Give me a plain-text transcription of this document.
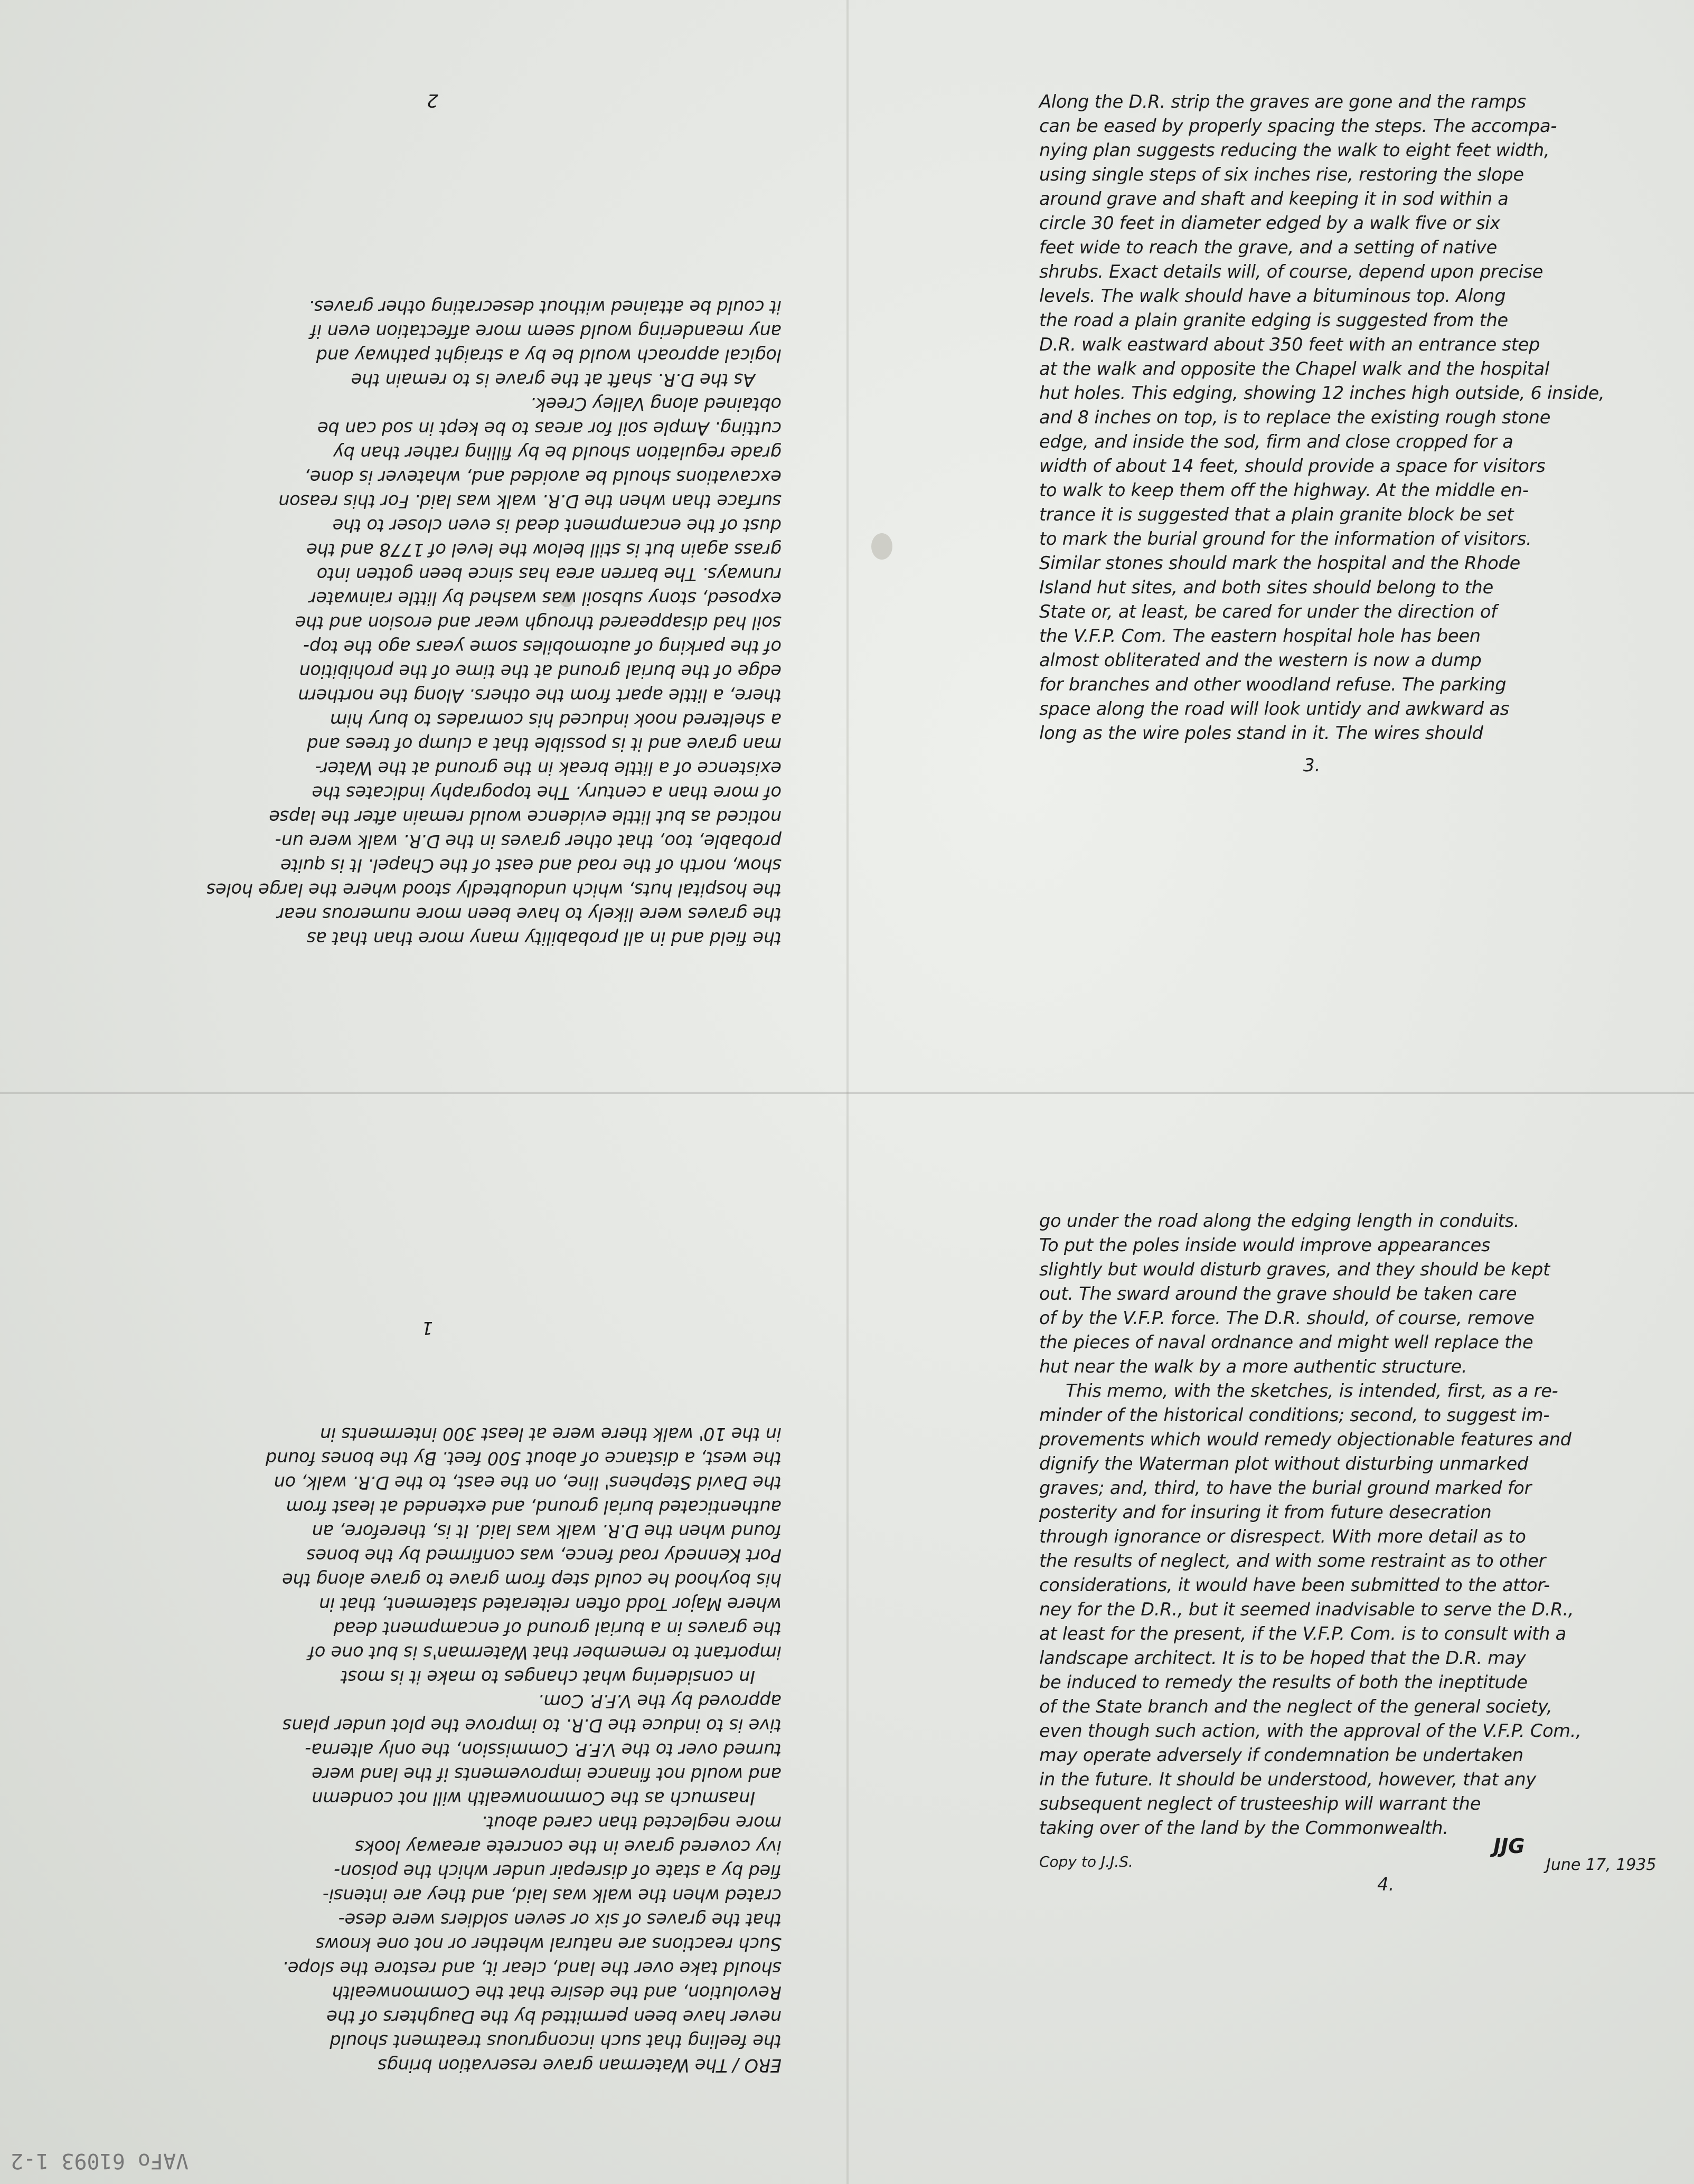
2
the field and in all probability many more than that as
the graves were likely to have been more numerous near
the hospital huts, which undoubtedly stood where the large holes
show, north of the road and east of the Chapel. It is quite
probable, too, that other graves in the D.R. walk were un-
noticed as but little evidence would remain after the lapse
of more than a century. The topography indicates the
existence of a little break in the ground at the Water-
man grave and it is possible that a clump of trees and
a sheltered nook induced his comrades to bury him
there, a little apart from the others. Along the northern
edge of the burial ground at the time of the prohibition
of the parking of automobiles some years ago the top-
soil had disappeared through wear and erosion and the
exposed, stony subsoil was washed by little rainwater
runways. The barren area has since been gotten into
grass again but is still below the level of 1778 and the
dust of the encampment dead is even closer to the
surface than when the D.R. walk was laid. For this reason
excavations should be avoided and, whatever is done,
grade regulation should be by filling rather than by
cutting. Ample soil for areas to be kept in sod can be
obtained along Valley Creek.
As the D.R. shaft at the grave is to remain the
logical approach would be by a straight pathway and
any meandering would seem more affectation even if
it could be attained without desecrating other graves.
Along the D.R. strip the graves are gone and the ramps
can be eased by properly spacing the steps. The accompa-
nying plan suggests reducing the walk to eight feet width,
using single steps of six inches rise, restoring the slope
around grave and shaft and keeping it in sod within a
circle 30 feet in diameter edged by a walk five or six
feet wide to reach the grave, and a setting of native
shrubs. Exact details will, of course, depend upon precise
levels. The walk should have a bituminous top. Along
the road a plain granite edging is suggested from the
D.R. walk eastward about 350 feet with an entrance step
at the walk and opposite the Chapel walk and the hospital
hut holes. This edging, showing 12 inches high outside, 6 inside,
and 8 inches on top, is to replace the existing rough stone
edge, and inside the sod, firm and close cropped for a
width of about 14 feet, should provide a space for visitors
to walk to keep them off the highway. At the middle en-
trance it is suggested that a plain granite block be set
to mark the burial ground for the information of visitors.
Similar stones should mark the hospital and the Rhode
Island hut sites, and both sites should belong to the
State or, at least, be cared for under the direction of
the V.F.P. Com. The eastern hospital hole has been
almost obliterated and the western is now a dump
for branches and other woodland refuse. The parking
space along the road will look untidy and awkward as
long as the wire poles stand in it. The wires should
3.
ERO / The Waterman grave reservation brings
the feeling that such incongruous treatment should
never have been permitted by the Daughters of the
Revolution, and the desire that the Commonwealth
should take over the land, clear it, and restore the slope.
Such reactions are natural whether or not one knows
that the graves of six or seven soldiers were dese-
crated when the walk was laid, and they are intensi-
fied by a state of disrepair under which the poison-
ivy covered grave in the concrete areaway looks
more neglected than cared about.
Inasmuch as the Commonwealth will not condemn
and would not finance improvements if the land were
turned over to the V.F.P. Commission, the only alterna-
tive is to induce the D.R. to improve the plot under plans
approved by the V.F.P. Com.
In considering what changes to make it is most
important to remember that Waterman's is but one of
the graves in a burial ground of encampment dead
where Major Todd often reiterated statement, that in
his boyhood he could step from grave to grave along the
Port Kennedy road fence, was confirmed by the bones
found when the D.R. walk was laid. It is, therefore, an
authenticated burial ground, and extended at least from
the David Stephens' line, on the east, to the D.R. walk, on
the west, a distance of about 500 feet. By the bones found
in the 10' walk there were at least 300 interments in
1
go under the road along the edging length in conduits.
To put the poles inside would improve appearances
slightly but would disturb graves, and they should be kept
out. The sward around the grave should be taken care
of by the V.F.P. force. The D.R. should, of course, remove
the pieces of naval ordnance and might well replace the
hut near the walk by a more authentic structure.
This memo, with the sketches, is intended, first, as a re-
minder of the historical conditions; second, to suggest im-
provements which would remedy objectionable features and
dignify the Waterman plot without disturbing unmarked
graves; and, third, to have the burial ground marked for
posterity and for insuring it from future desecration
through ignorance or disrespect. With more detail as to
the results of neglect, and with some restraint as to other
considerations, it would have been submitted to the attor-
ney for the D.R., but it seemed inadvisable to serve the D.R.,
at least for the present, if the V.F.P. Com. is to consult with a
landscape architect. It is to be hoped that the D.R. may
be induced to remedy the results of both the ineptitude
of the State branch and the neglect of the general society,
even though such action, with the approval of the V.F.P. Com.,
may operate adversely if condemnation be undertaken
in the future. It should be understood, however, that any
subsequent neglect of trusteeship will warrant the
taking over of the land by the Commonwealth.
4.
Copy to J.J.S.
JJG
June 17, 1935
VAFo 61093 1-2
